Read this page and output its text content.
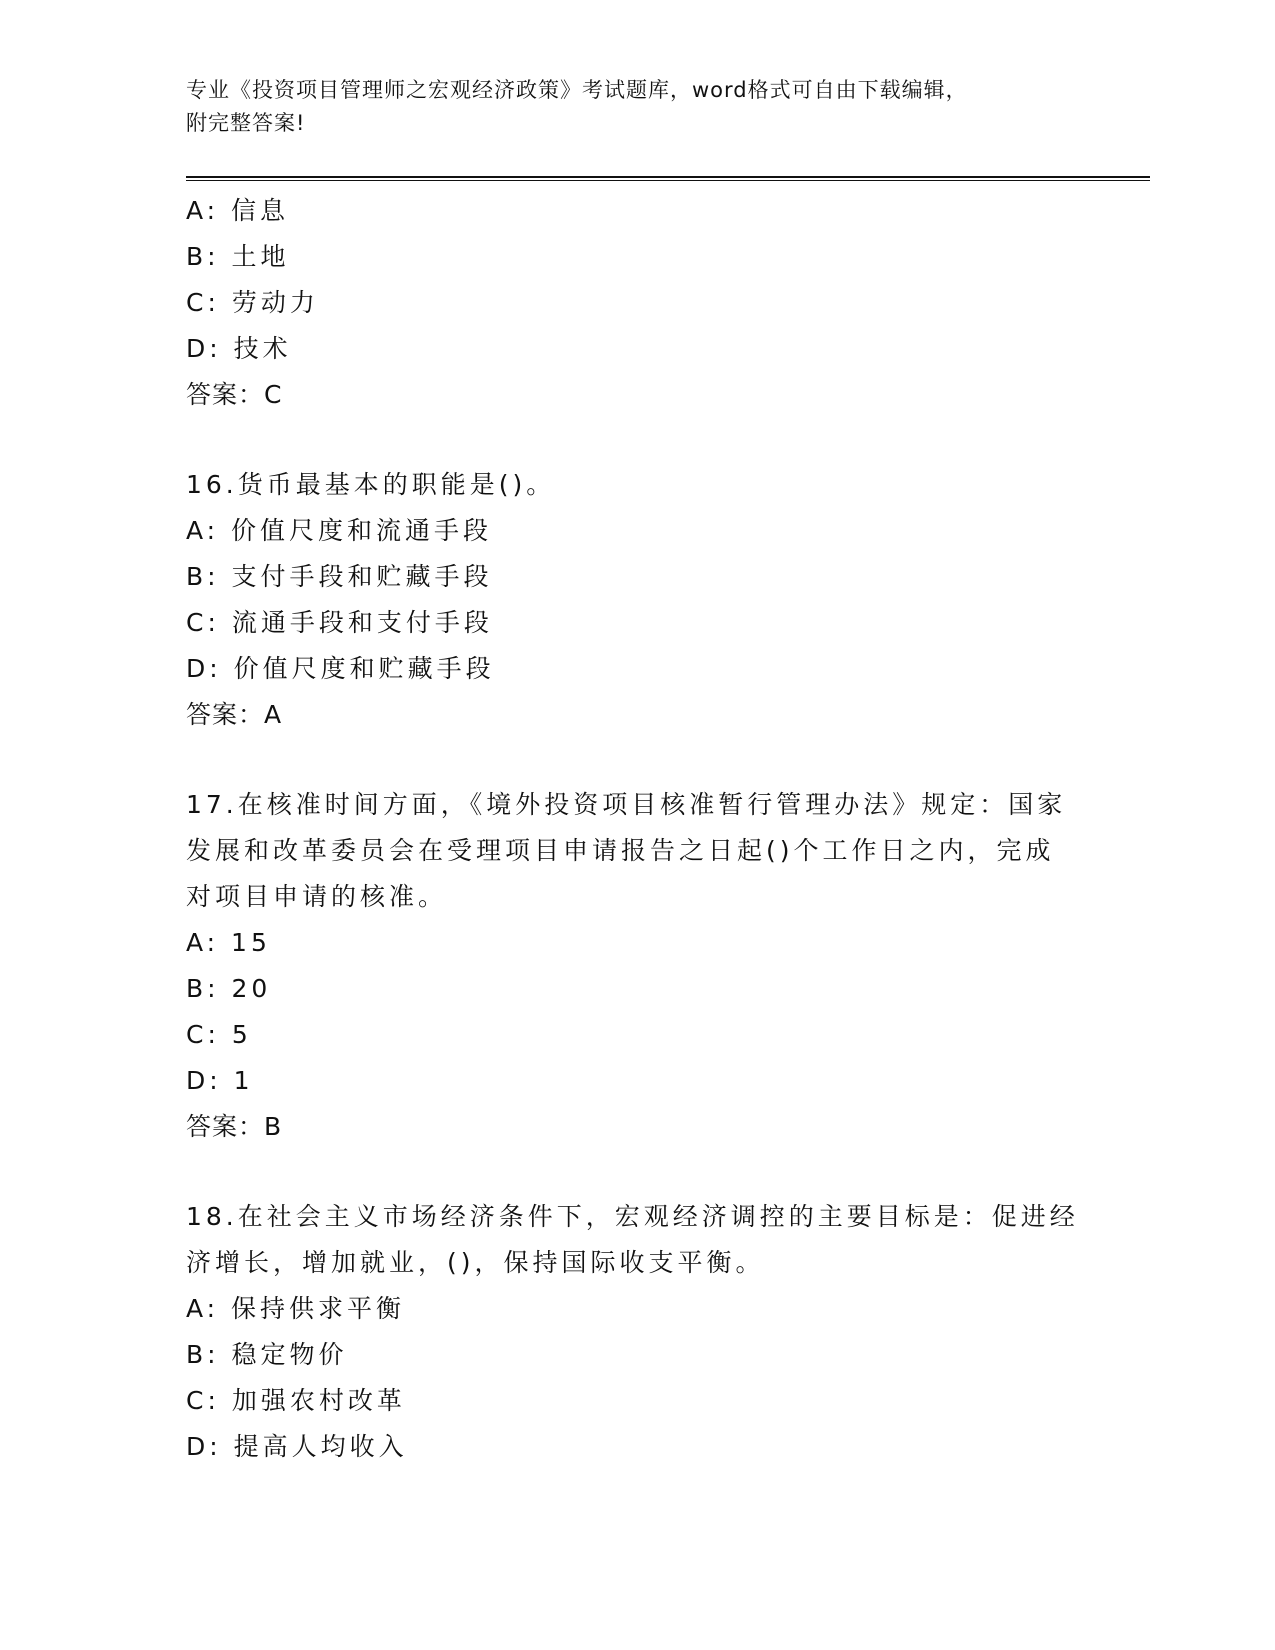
专业《投资项目管理师之宏观经济政策》考试题库，word格式可自由下载编辑，
附完整答案!
A: 信息
B: 土地
C: 劳动力
D: 技术
答案：C
16.货币最基本的职能是()。
A: 价值尺度和流通手段
B: 支付手段和贮藏手段
C: 流通手段和支付手段
D: 价值尺度和贮藏手段
答案：A
17.在核准时间方面，《境外投资项目核准暂行管理办法》规定：国家
发展和改革委员会在受理项目申请报告之日起()个工作日之内，完成
对项目申请的核准。
A: 15
B: 20
C: 5
D: 1
答案：B
18.在社会主义市场经济条件下，宏观经济调控的主要目标是：促进经
济增长，增加就业，()，保持国际收支平衡。
A: 保持供求平衡
B: 稳定物价
C: 加强农村改革
D: 提高人均收入
